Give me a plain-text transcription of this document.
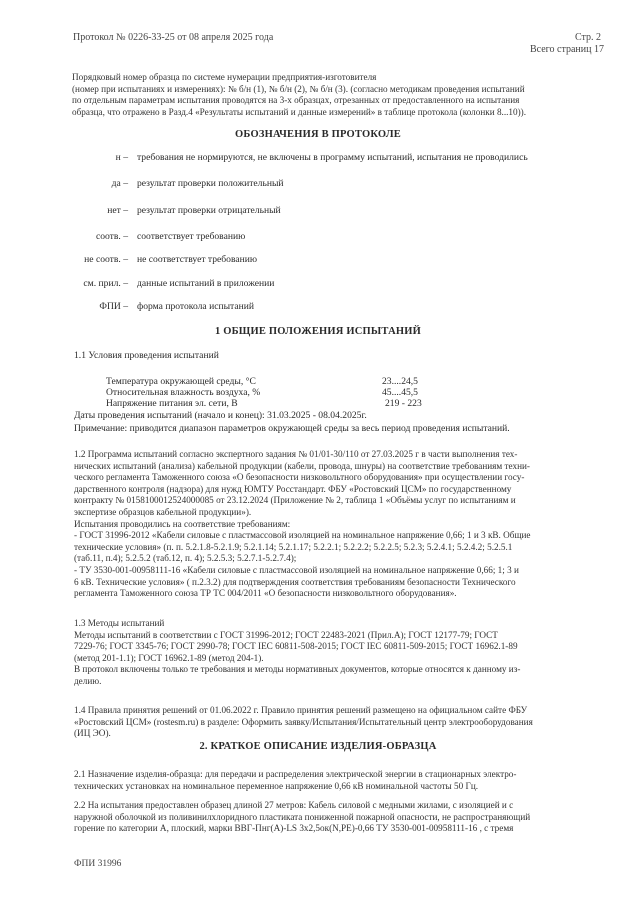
Протокол № 0226-33-25 от 08 апреля 2025 года	Стр. 2
Всего страниц 17
Порядковый номер образца по системе нумерации предприятия-изготовителя
(номер при испытаниях и измерениях): № б/н (1), № б/н (2), № б/н (3). (согласно методикам проведения испытаний
по отдельным параметрам испытания проводятся на 3-х образцах, отрезанных от предоставленного на испытания
образца, что отражено в Разд.4 «Результаты испытаний и данные измерений» в таблице протокола (колонки 8...10)).
ОБОЗНАЧЕНИЯ В ПРОТОКОЛЕ
н – требования не нормируются, не включены в программу испытаний, испытания не проводились
да – результат проверки положительный
нет – результат проверки отрицательный
соотв. – соответствует требованию
не соотв. – не соответствует требованию
см. прил. – данные испытаний в приложении
ФПИ – форма протокола испытаний
1 ОБЩИЕ ПОЛОЖЕНИЯ ИСПЫТАНИЙ
1.1 Условия проведения испытаний
Температура окружающей среды, °С	23....24,5
Относительная влажность воздуха, %	45....45,5
Напряжение питания эл. сети, В	219 - 223
Даты проведения испытаний (начало и конец): 31.03.2025 - 08.04.2025г.
Примечание: приводится диапазон параметров окружающей среды за весь период проведения испытаний.
1.2 Программа испытаний согласно экспертного задания № 01/01-30/110 от 27.03.2025 г в части выполнения тех-
нических испытаний (анализа) кабельной продукции (кабели, провода, шнуры) на соответствие требованиям техни-
ческого регламента Таможенного союза «О безопасности низковольтного оборудования» при осуществлении госу-
дарственного контроля (надзора) для нужд ЮМТУ Росстандарт. ФБУ «Ростовский ЦСМ» по государственному
контракту № 0158100012524000085 от 23.12.2024 (Приложение № 2, таблица 1 «Объёмы услуг по испытаниям и
экспертизе образцов кабельной продукции»).
Испытания проводились на соответствие требованиям:
- ГОСТ 31996-2012 «Кабели силовые с пластмассовой изоляцией на номинальное напряжение 0,66; 1 и 3 кВ. Общие
технические условия» (п. п. 5.2.1.8-5.2.1.9; 5.2.1.14; 5.2.1.17; 5.2.2.1; 5.2.2.2; 5.2.2.5; 5.2.3; 5.2.4.1; 5.2.4.2; 5.2.5.1
(таб.11, п.4); 5.2.5.2 (таб.12, п. 4); 5.2.5.3; 5.2.7.1-5.2.7.4);
- ТУ 3530-001-00958111-16 «Кабели силовые с пластмассовой изоляцией на номинальное напряжение 0,66; 1; 3 и
6 кВ. Технические условия» ( п.2.3.2) для подтверждения соответствия требованиям безопасности Технического
регламента Таможенного союза ТР ТС 004/2011 «О безопасности низковольтного оборудования».
1.3 Методы испытаний
Методы испытаний в соответствии с ГОСТ 31996-2012; ГОСТ 22483-2021 (Прил.А); ГОСТ 12177-79; ГОСТ
7229-76; ГОСТ 3345-76; ГОСТ 2990-78; ГОСТ IEC 60811-508-2015; ГОСТ IEC 60811-509-2015; ГОСТ 16962.1-89
(метод 201-1.1); ГОСТ 16962.1-89 (метод 204-1).
В протокол включены только те требования и методы нормативных документов, которые относятся к данному из-
делию.
1.4 Правила принятия решений от 01.06.2022 г. Правило принятия решений размещено на официальном сайте ФБУ
«Ростовский ЦСМ» (rostesm.ru) в разделе: Оформить заявку/Испытания/Испытательный центр электрооборудования
(ИЦ ЭО).
2. КРАТКОЕ ОПИСАНИЕ ИЗДЕЛИЯ-ОБРАЗЦА
2.1 Назначение изделия-образца: для передачи и распределения электрической энергии в стационарных электро-
технических установках на номинальное переменное напряжение 0,66 кВ номинальной частоты 50 Гц.
2.2 На испытания предоставлен образец длиной 27 метров: Кабель силовой с медными жилами, с изоляцией и с
наружной оболочкой из поливинилхлоридного пластиката пониженной пожарной опасности, не распространяющий
горение по категории А, плоский, марки ВВГ-Пнг(А)-LS 3х2,5ок(N,PE)-0,66 ТУ 3530-001-00958111-16 , с тремя
ФПИ 31996
